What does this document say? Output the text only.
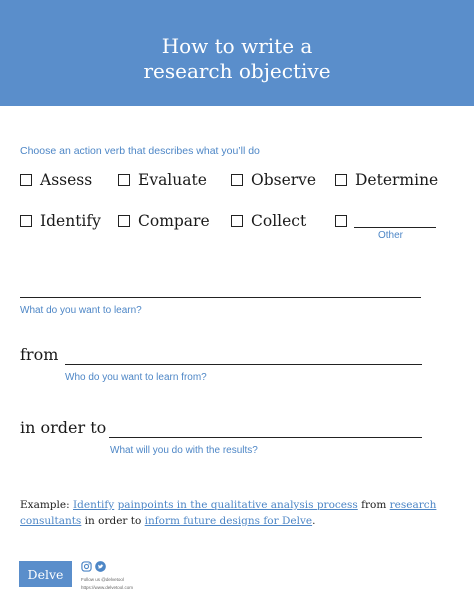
How to write a
research objective
Choose an action verb that describes what you’ll do
Assess	Evaluate	Observe	Determine
Identify Compare	Collect
Other
What do you want to learn?
from
Who do you want to learn from?
in order to
What will you do with the results?
Example: Identify painpoints in the qualitative analysis process from research consultants in order to inform future designs for Delve.
Delve	Follow us @delvetool
https://www.delvetool.com
